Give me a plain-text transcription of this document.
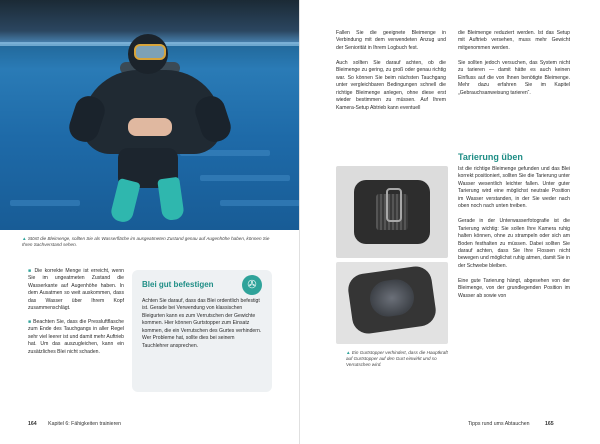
▲ Störtt die Bleimenge, sollten Sie als Wasserfläche im ausgeatmeten Zustand genau auf Augenhöhe haben, können Sie Ihren Sachverstand sehen.

■ Die korrekte Menge ist erreicht, wenn Sie im ungeatmeten Zustand die Wasserkante auf Augenhöhe haben. In dem Ausatmen so weit auskommen, dass das Wasser über Ihrem Kopf zusammenschlägt.

■ Beachten Sie, dass die Pressluftflasche zum Ende des Tauchgangs in aller Regel sehr viel leerer ist und damit mehr Auftrieb hat. Um das auszugleichen, kann ein zusätzliches Blei nicht schaden.

Blei gut befestigen	✇
Achten Sie darauf, dass das Blei ordentlich befestigt ist. Gerade bei Verwendung von klassischen Bleigurten kann es zum Verrutschen der Gewichte kommen. Hier können Gurtstopper zum Einsatz kommen, die ein Verrutschen des Gurtes verhindern. Wer Probleme hat, sollte dies bei seinem Tauchlehrer ansprechen.
164 Kapitel 6: Fähigkeiten trainieren
Fallen Sie die geeignete Bleimenge in Verbindung mit dem verwendeten Anzug und der Seniorität in Ihrem Logbuch fest.

Auch sollten Sie darauf achten, ob die Bleimenge zu gering, zu groß oder genau richtig war. So können Sie beim nächsten Tauchgang unter vergleichbaren Bedingungen schnell die richtige Bleimenge anlegen, ohne diese erst wieder bestimmen zu müssen. Auf Ihrem Kamera-Setup Abtrieb kann eventuell
die Bleimenge reduziert werden. Ist das Setup mit Auftrieb versehen, muss mehr Gewicht mitgenommen werden.

Sie sollten jedoch versuchen, das System nicht zu tarieren — damit hätte es auch keinen Einfluss auf die von Ihnen benötigte Bleimenge. Mehr dazu erfahren Sie im Kapitel „Gebrauchsanweisung tarieren“.
Tarierung üben
Ist die richtige Bleimenge gefunden und das Blei korrekt positioniert, sollten Sie die Tarierung unter Wasser wesentlich leichter fallen. Unter guter Tarierung wird eine möglichst neutrale Position im Wasser verstanden, in der Sie weder nach oben noch nach unten treiben.

Gerade in der Unterwasserfotografie ist die Tarierung wichtig: Sie sollen Ihre Kamera ruhig halten können, ohne zu strampeln oder sich am Boden festhalten zu müssen. Dabei sollten Sie darauf achten, dass Sie Ihre Flossen nicht bewegen und möglichst ruhig atmen, damit Sie in der Schwebe bleiben.

Eine gute Tarierung hängt, abgesehen von der Bleimenge, von der grundlegenden Position im Wasser ab sowie von
▲ Ein Gurtstopper verhindert, dass die Hauptkraft auf Gurtstopper auf den Gurt einwirkt und so Verrutschen wird.
Tipps rund ums Abtauchen	165
